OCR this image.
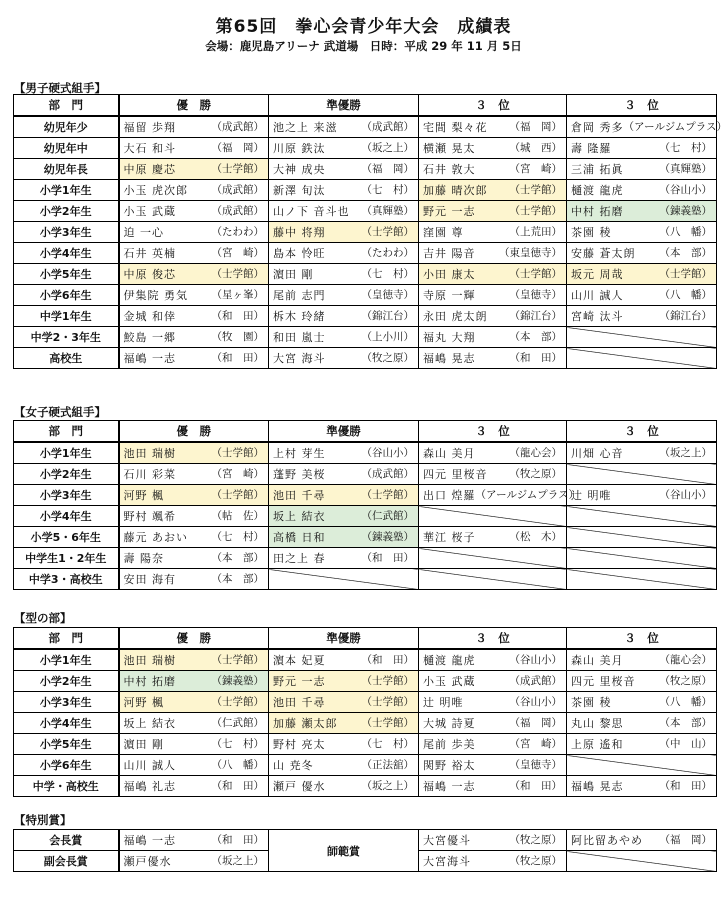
第65回　拳心会青少年大会　成績表
会場：鹿児島アリーナ 武道場　日時：平成 29 年 11 月 5日
【男子硬式組手】
部　門	優　勝	準優勝	３　位	３　位
幼児年少	福留 歩翔 （成武館）	池之上 来滋 （成武館）	宅間 梨々花 （福　岡）	倉岡 秀多 （アールジムプラス）

幼児年中	大石 和斗 （福　岡）	川原 鉄汰 （坂之上）	横瀬 晃太 （城　西）	壽 隆羅 （七　村）

幼児年長	中原 慶芯 （士学館）	大神 成央 （福　岡）	石井 敦大 （宮　崎）	三浦 拓眞 （真輝塾）

小学1年生	小玉 虎次郎 （成武館）	新澤 旬汰 （七　村）	加藤 晴次郎 （士学館）	樋渡 龍虎 （谷山小）

小学2年生	小玉 武蔵 （成武館）	山ノ下 音斗也 （真輝塾）	野元 一志 （士学館）	中村 拓磨 （錬義塾）

小学3年生	迫 一心 （たわわ）	藤中 将翔 （士学館）	窪園 尊 （上荒田）	茶園 稜 （八　幡）

小学4年生	石井 英楠 （宮　崎）	島本 怜旺 （たわわ）	吉井 陽音 （東皇徳寺）	安藤 蒼太朗 （本　部）

小学5年生	中原 俊芯 （士学館）	濵田 剛 （七　村）	小田 康太 （士学館）	坂元 周哉 （士学館）

小学6年生	伊集院 勇気 （星ヶ峯）	尾前 志門 （皇徳寺）	寺原 一輝 （皇徳寺）	山川 誠人 （八　幡）

中学1年生	金城 和倖 （和　田）	柝木 玲緒 （錦江台）	永田 虎太朗 （錦江台）	宮崎 汰斗 （錦江台）

中学2・3年生	鮫島 一郷 （牧　園）	和田 嵐士 （上小川）	福丸 大翔 （本　部）	

高校生	福嶋 一志 （和　田）	大宮 海斗 （牧之原）	福嶋 晃志 （和　田）	

【女子硬式組手】
部　門	優　勝	準優勝	３　位	３　位
小学1年生	池田 瑞樹 （士学館）	上村 芽生 （谷山小）	森山 美月 （龍心会）	川畑 心音 （坂之上）

小学2年生	石川 彩菜 （宮　崎）	蓬野 美桜 （成武館）	四元 里桜音 （牧之原）	

小学3年生	河野 楓 （士学館）	池田 千尋 （士学館）	出口 煌羅 （アールジムプラス）	辻 明唯 （谷山小）

小学4年生	野村 颯希 （帖　佐）	坂上 結衣 （仁武館）		

小学5・6年生	藤元 あおい （七　村）	高橋 日和 （錬義塾）	華江 桜子 （松　木）	

中学生1・2年生	壽 陽奈 （本　部）	田之上 春 （和　田）		

中学3・高校生	安田 海有 （本　部）			

【型の部】
部　門	優　勝	準優勝	３　位	３　位
小学1年生	池田 瑞樹 （士学館）	濵本 妃夏 （和　田）	樋渡 龍虎 （谷山小）	森山 美月 （龍心会）

小学2年生	中村 拓磨 （錬義塾）	野元 一志 （士学館）	小玉 武蔵 （成武館）	四元 里桜音 （牧之原）

小学3年生	河野 楓 （士学館）	池田 千尋 （士学館）	辻 明唯 （谷山小）	茶園 稜 （八　幡）

小学4年生	坂上 結衣 （仁武館）	加藤 瀬太郎 （士学館）	大城 詩夏 （福　岡）	丸山 黎思 （本　部）

小学5年生	濵田 剛 （七　村）	野村 亮太 （七　村）	尾前 歩美 （宮　崎）	上原 遙和 （中　山）

小学6年生	山川 誠人 （八　幡）	山 尭冬 （正法舘）	関野 裕太 （皇徳寺）	

中学・高校生	福嶋 礼志 （和　田）	瀬戸 優水 （坂之上）	福嶋 一志 （和　田）	福嶋 晃志 （和　田）
【特別賞】
会長賞	福嶋 一志 （和　田）	師範賞	大宮優斗 （牧之原）	阿比留あやめ （福　岡）

副会長賞	瀬戸優水 （坂之上）		大宮海斗 （牧之原）	
